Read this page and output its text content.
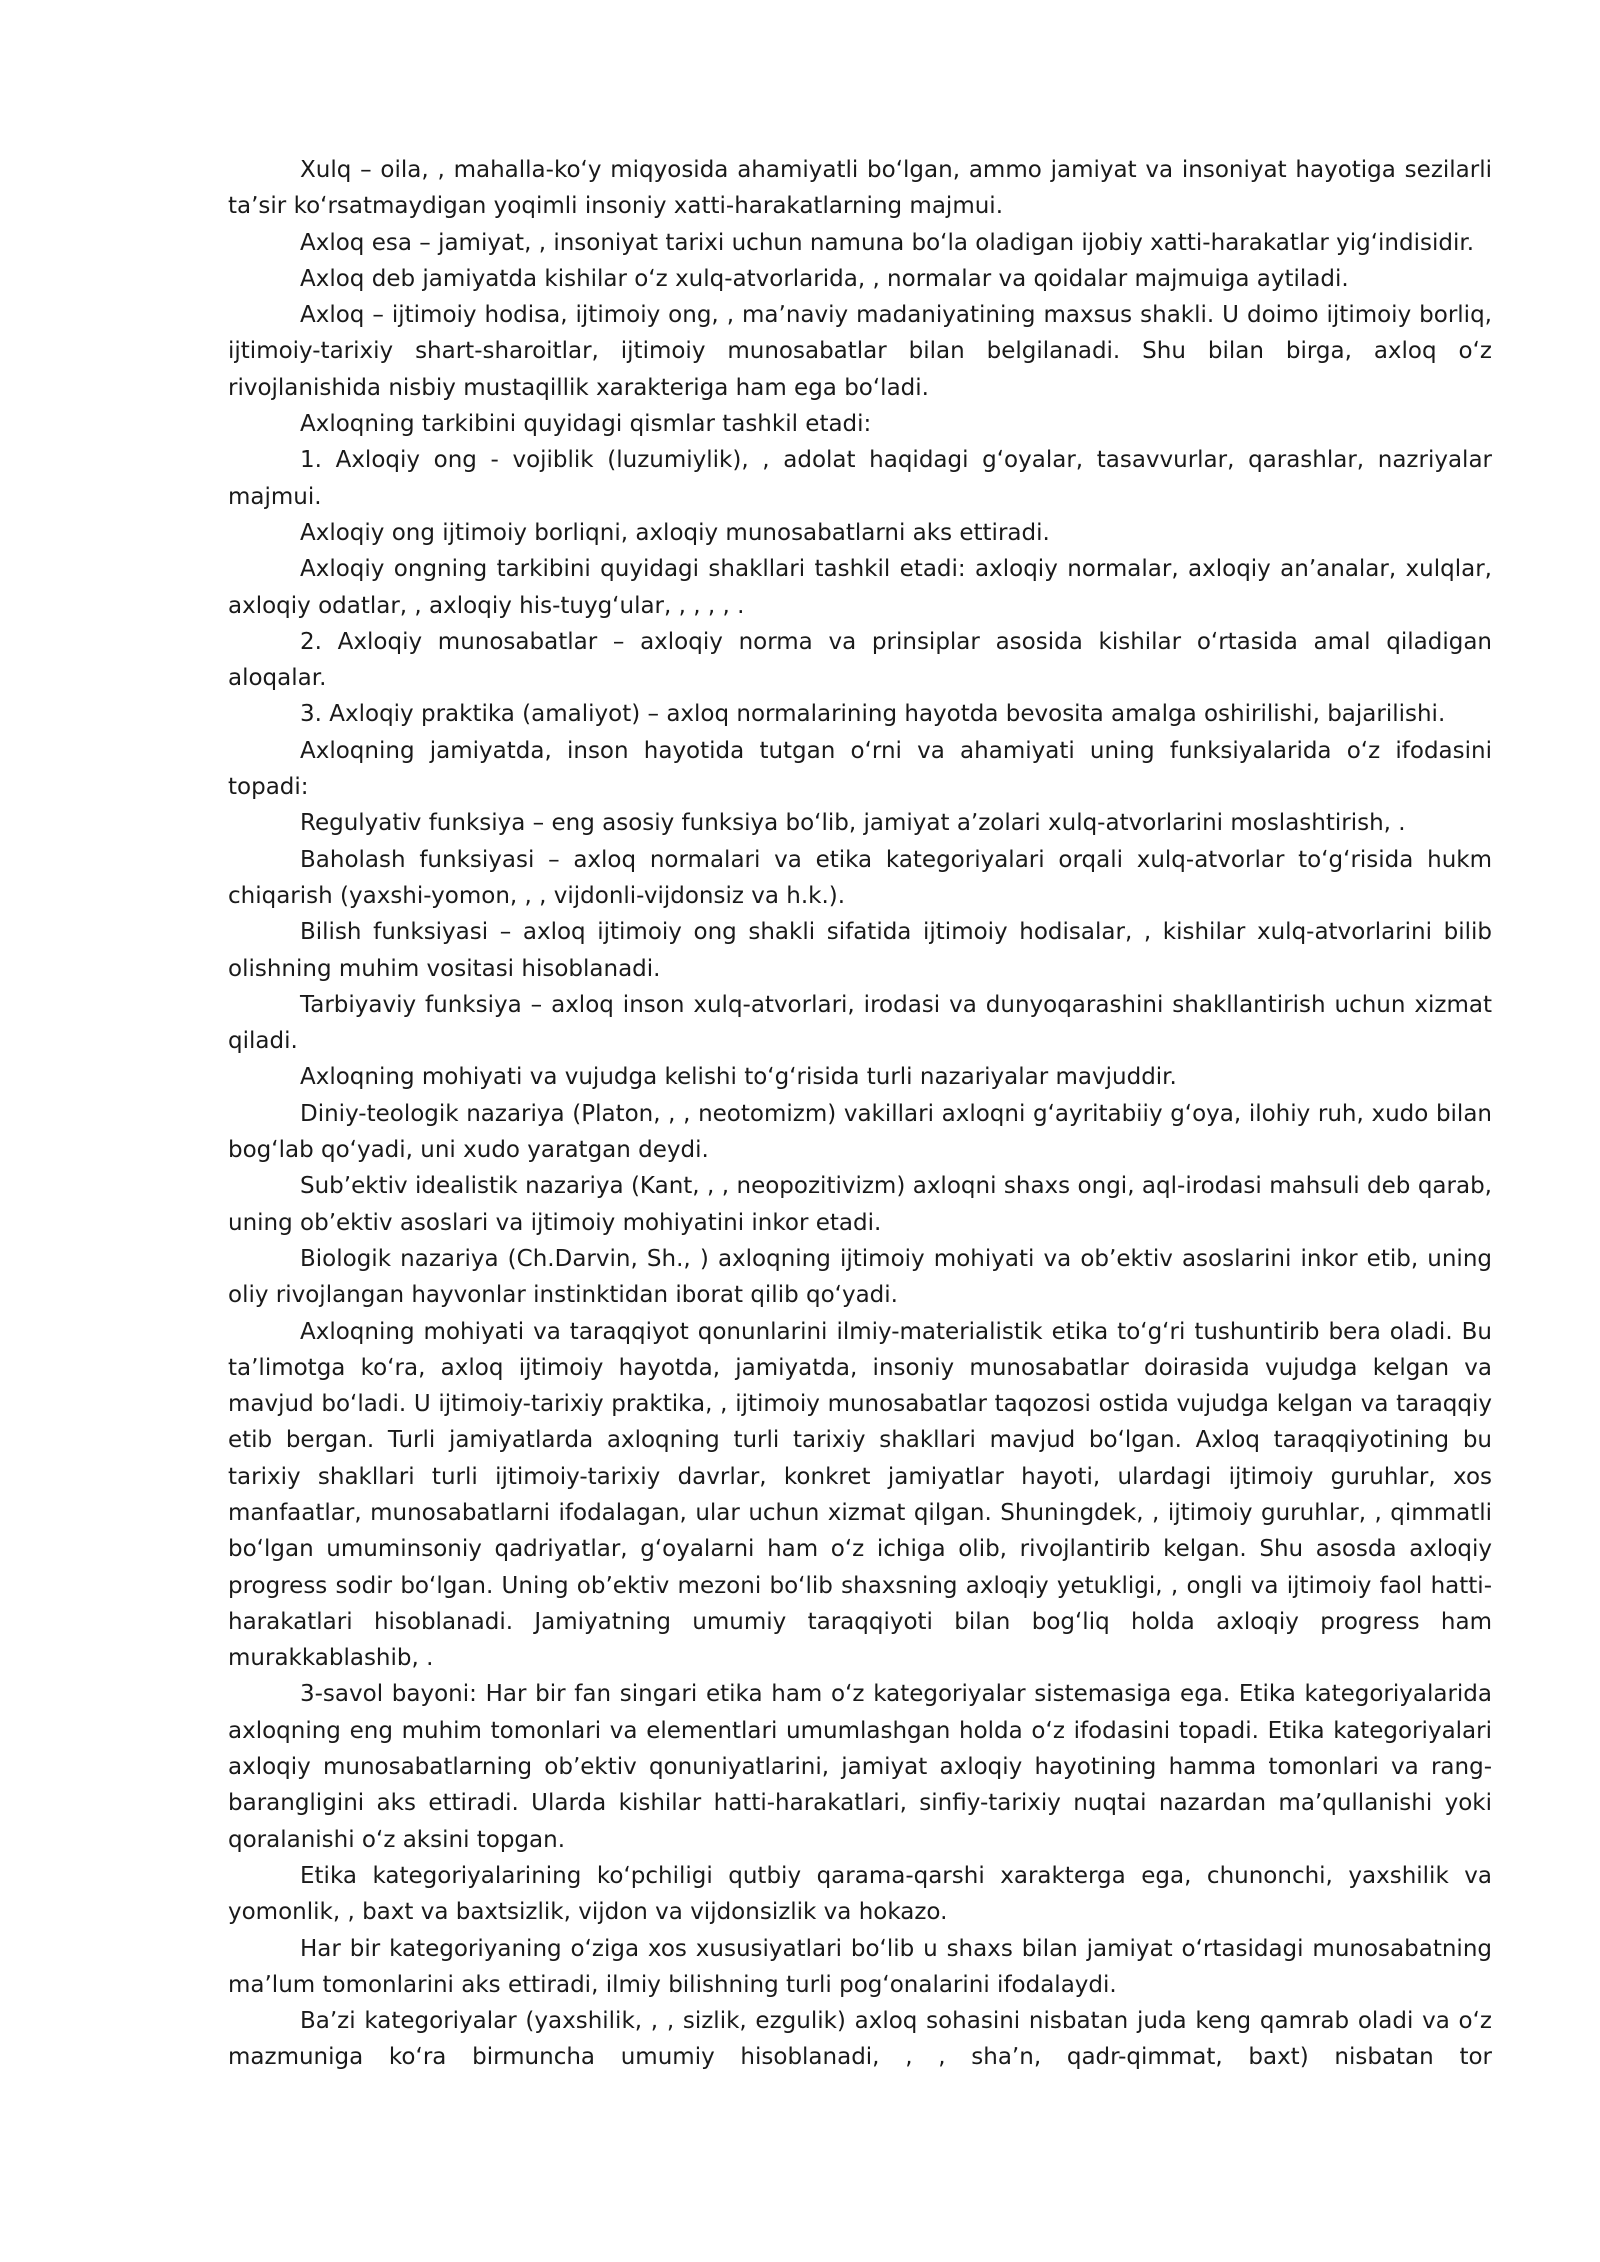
Xulq – oila, , mahalla-koʻy miqyosida ahamiyatli boʻlgan, ammo jamiyat va insoniyat hayotiga sezilarli taʼsir koʻrsatmaydigan yoqimli insoniy xatti-harakatlarning majmui.

Axloq esa – jamiyat, , insoniyat tarixi uchun namuna boʻla oladigan ijobiy xatti-harakatlar yigʻindisidir.

Axloq deb jamiyatda kishilar oʻz xulq-atvorlarida, , normalar va qoidalar majmuiga aytiladi.

Axloq – ijtimoiy hodisa, ijtimoiy ong, , maʼnaviy madaniyatining maxsus shakli. U doimo ijtimoiy borliq, ijtimoiy-tarixiy shart-sharoitlar, ijtimoiy munosabatlar bilan belgilanadi. Shu bilan birga, axloq oʻz rivojlanishida nisbiy mustaqillik xarakteriga ham ega boʻladi.

Axloqning tarkibini quyidagi qismlar tashkil etadi:

1. Axloqiy ong - vojiblik (luzumiylik), , adolat haqidagi gʻoyalar, tasavvurlar, qarashlar, nazriyalar majmui.

Axloqiy ong ijtimoiy borliqni, axloqiy munosabatlarni aks ettiradi.

Axloqiy ongning tarkibini quyidagi shakllari tashkil etadi: axloqiy normalar, axloqiy anʼanalar, xulqlar, axloqiy odatlar, , axloqiy his-tuygʻular, , , , , .

2. Axloqiy munosabatlar – axloqiy norma va prinsiplar asosida kishilar oʻrtasida amal qiladigan aloqalar.

3. Axloqiy praktika (amaliyot) – axloq normalarining hayotda bevosita amalga oshirilishi, bajarilishi.

Axloqning jamiyatda, inson hayotida tutgan oʻrni va ahamiyati uning funksiyalarida oʻz ifodasini topadi:

Regulyativ funksiya – eng asosiy funksiya boʻlib, jamiyat aʼzolari xulq-atvorlarini moslashtirish, .

Baholash funksiyasi – axloq normalari va etika kategoriyalari orqali xulq-atvorlar toʻgʻrisida hukm chiqarish (yaxshi-yomon, , , vijdonli-vijdonsiz va h.k.).

Bilish funksiyasi – axloq ijtimoiy ong shakli sifatida ijtimoiy hodisalar, , kishilar xulq-atvorlarini bilib olishning muhim vositasi hisoblanadi.

Tarbiyaviy funksiya – axloq inson xulq-atvorlari, irodasi va dunyoqarashini shakllantirish uchun xizmat qiladi.

Axloqning mohiyati va vujudga kelishi toʻgʻrisida turli nazariyalar mavjuddir.

Diniy-teologik nazariya (Platon, , , neotomizm) vakillari axloqni gʻayritabiiy gʻoya, ilohiy ruh, xudo bilan bogʻlab qoʻyadi, uni xudo yaratgan deydi.

Subʼektiv idealistik nazariya (Kant, , , neopozitivizm) axloqni shaxs ongi, aql-irodasi mahsuli deb qarab, uning obʼektiv asoslari va ijtimoiy mohiyatini inkor etadi.

Biologik nazariya (Ch.Darvin, Sh., ) axloqning ijtimoiy mohiyati va obʼektiv asoslarini inkor etib, uning oliy rivojlangan hayvonlar instinktidan iborat qilib qoʻyadi.

Axloqning mohiyati va taraqqiyot qonunlarini ilmiy-materialistik etika toʻgʻri tushuntirib bera oladi. Bu taʼlimotga koʻra, axloq ijtimoiy hayotda, jamiyatda, insoniy munosabatlar doirasida vujudga kelgan va mavjud boʻladi. U ijtimoiy-tarixiy praktika, , ijtimoiy munosabatlar taqozosi ostida vujudga kelgan va taraqqiy etib bergan. Turli jamiyatlarda axloqning turli tarixiy shakllari mavjud boʻlgan. Axloq taraqqiyotining bu tarixiy shakllari turli ijtimoiy-tarixiy davrlar, konkret jamiyatlar hayoti, ulardagi ijtimoiy guruhlar, xos manfaatlar, munosabatlarni ifodalagan, ular uchun xizmat qilgan. Shuningdek, , ijtimoiy guruhlar, , qimmatli boʻlgan umuminsoniy qadriyatlar, gʻoyalarni ham oʻz ichiga olib, rivojlantirib kelgan. Shu asosda axloqiy progress sodir boʻlgan. Uning obʼektiv mezoni boʻlib shaxsning axloqiy yetukligi, , ongli va ijtimoiy faol hatti-harakatlari hisoblanadi. Jamiyatning umumiy taraqqiyoti bilan bogʻliq holda axloqiy progress ham murakkablashib, .

3-savol bayoni: Har bir fan singari etika ham oʻz kategoriyalar sistemasiga ega. Etika kategoriyalarida axloqning eng muhim tomonlari va elementlari umumlashgan holda oʻz ifodasini topadi. Etika kategoriyalari axloqiy munosabatlarning obʼektiv qonuniyatlarini, jamiyat axloqiy hayotining hamma tomonlari va rang-barangligini aks ettiradi. Ularda kishilar hatti-harakatlari, sinfiy-tarixiy nuqtai nazardan maʼqullanishi yoki qoralanishi oʻz aksini topgan.

Etika kategoriyalarining koʻpchiligi qutbiy qarama-qarshi xarakterga ega, chunonchi, yaxshilik va yomonlik, , baxt va baxtsizlik, vijdon va vijdonsizlik va hokazo.

Har bir kategoriyaning oʻziga xos xususiyatlari boʻlib u shaxs bilan jamiyat oʻrtasidagi munosabatning maʼlum tomonlarini aks ettiradi, ilmiy bilishning turli pogʻonalarini ifodalaydi.

Baʼzi kategoriyalar (yaxshilik, , , sizlik, ezgulik) axloq sohasini nisbatan juda keng qamrab oladi va oʻz mazmuniga koʻra birmuncha umumiy hisoblanadi, , , shaʼn, qadr-qimmat, baxt) nisbatan tor
